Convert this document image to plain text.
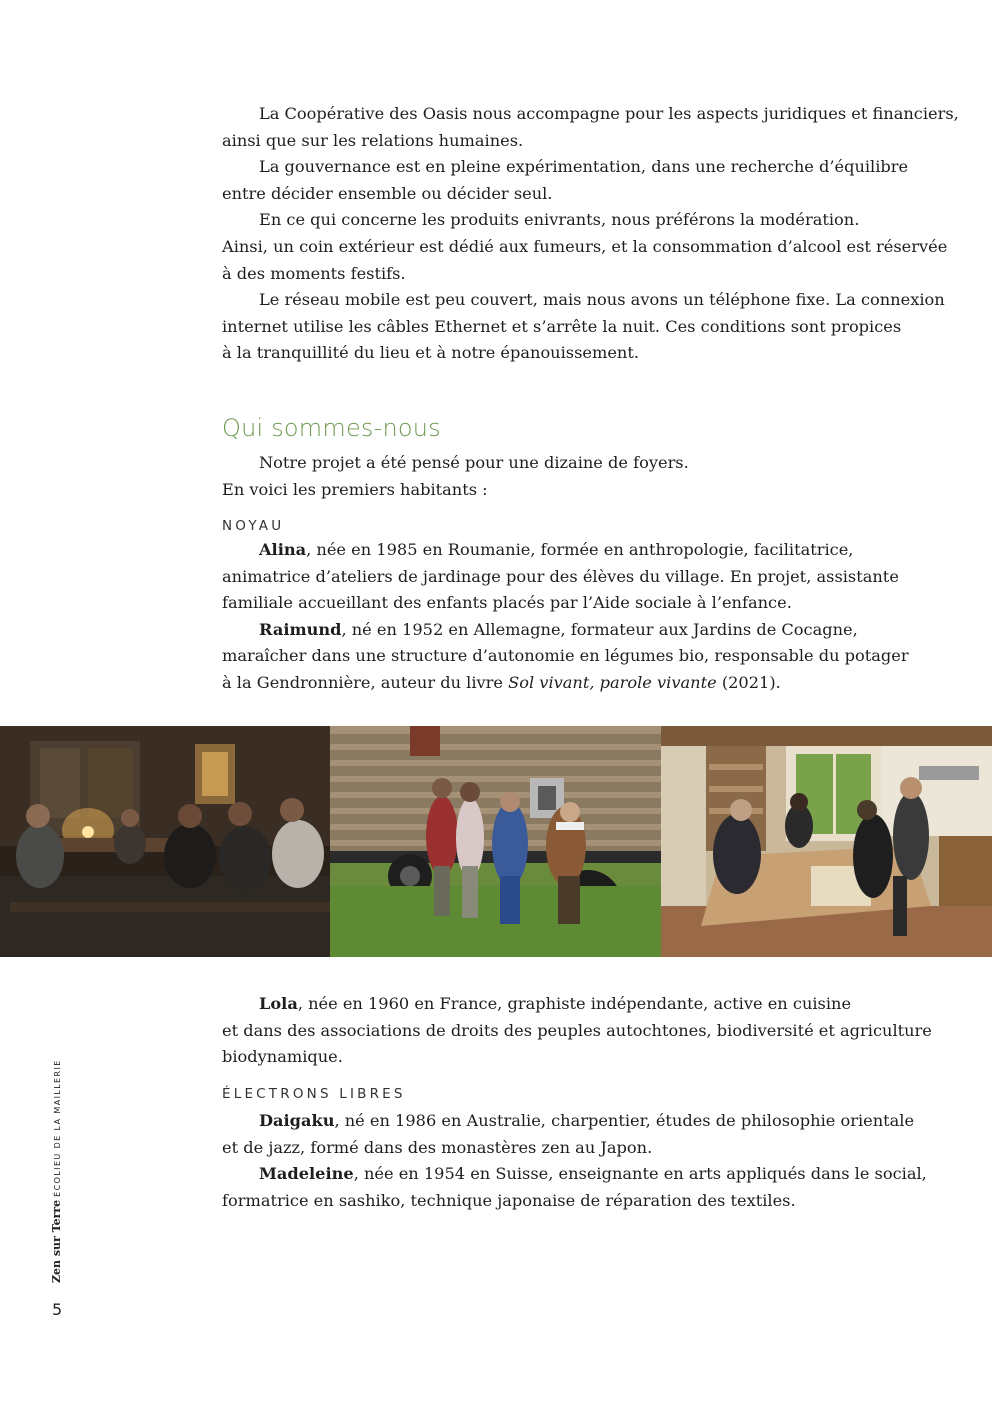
La Coopérative des Oasis nous accompagne pour les aspects juridiques et financiers,
ainsi que sur les relations humaines.

La gouvernance est en pleine expérimentation, dans une recherche d’équilibre
entre décider ensemble ou décider seul.

En ce qui concerne les produits enivrants, nous préférons la modération.
Ainsi, un coin extérieur est dédié aux fumeurs, et la consommation d’alcool est réservée
à des moments festifs.

Le réseau mobile est peu couvert, mais nous avons un téléphone fixe. La connexion
internet utilise les câbles Ethernet et s’arrête la nuit. Ces conditions sont propices
à la tranquillité du lieu et à notre épanouissement.

Qui sommes-nous

Notre projet a été pensé pour une dizaine de foyers.
En voici les premiers habitants :

NOYAU

Alina, née en 1985 en Roumanie, formée en anthropologie, facilitatrice,
animatrice d’ateliers de jardinage pour des élèves du village. En projet, assistante
familiale accueillant des enfants placés par l’Aide sociale à l’enfance.

Raimund, né en 1952 en Allemagne, formateur aux Jardins de Cocagne,
maraîcher dans une structure d’autonomie en légumes bio, responsable du potager
à la Gendronnière, auteur du livre Sol vivant, parole vivante (2021).

Lola, née en 1960 en France, graphiste indépendante, active en cuisine
et dans des associations de droits des peuples autochtones, biodiversité et agriculture
biodynamique.

ÉLECTRONS LIBRES

Daigaku, né en 1986 en Australie, charpentier, études de philosophie orientale
et de jazz, formé dans des monastères zen au Japon.

Madeleine, née en 1954 en Suisse, enseignante en arts appliqués dans le social,
formatrice en sashiko, technique japonaise de réparation des textiles.

Zen sur TerreÉCOLIEU DE LA MAILLERIE
5
